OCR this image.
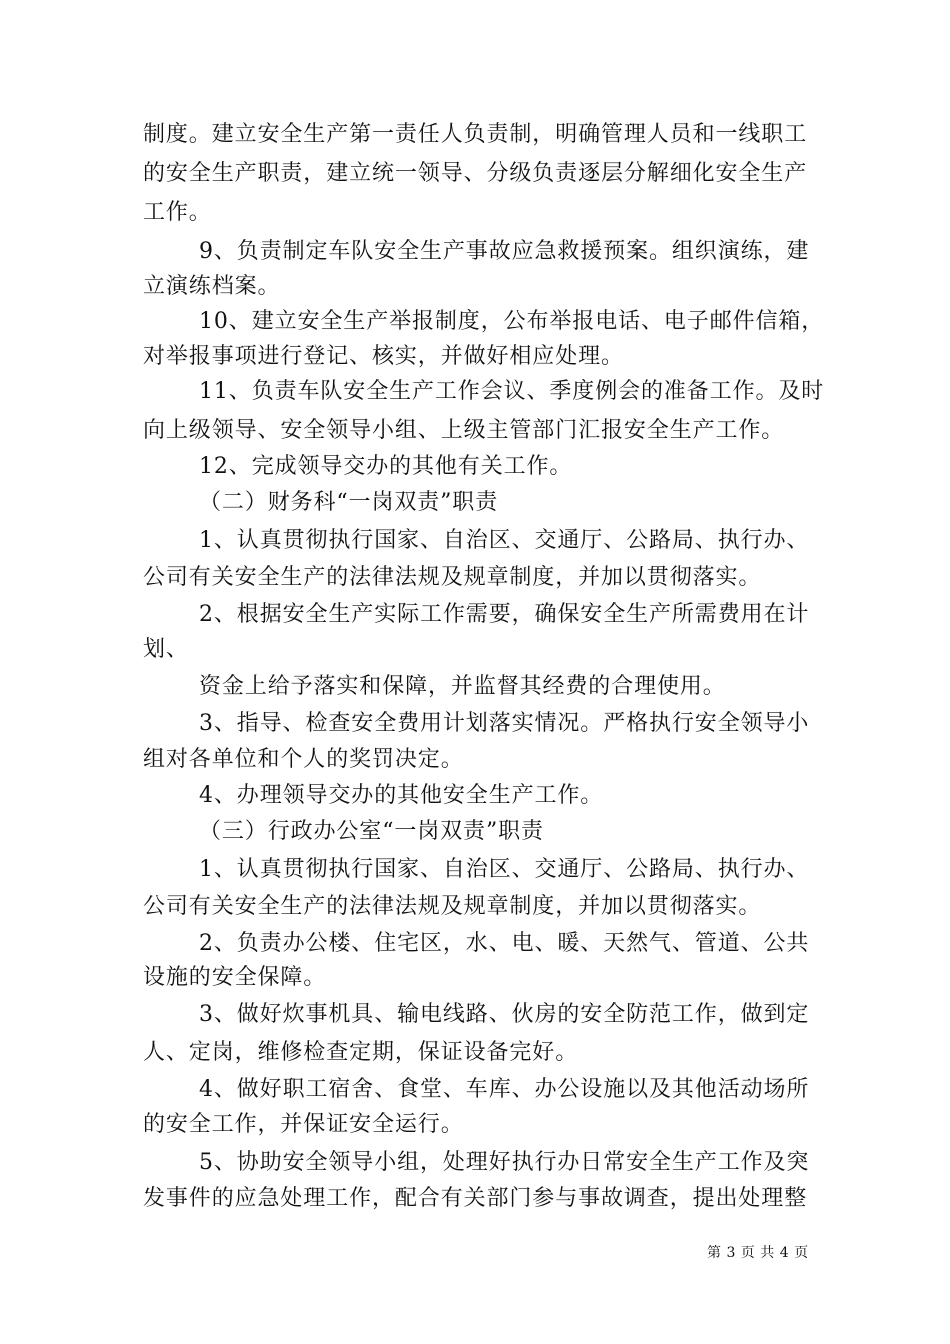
制度。建立安全生产第一责任人负责制，明确管理人员和一线职工
的安全生产职责，建立统一领导、分级负责逐层分解细化安全生产
工作。
9、负责制定车队安全生产事故应急救援预案。组织演练，建
立演练档案。
10、建立安全生产举报制度，公布举报电话、电子邮件信箱，
对举报事项进行登记、核实，并做好相应处理。
11、负责车队安全生产工作会议、季度例会的准备工作。及时
向上级领导、安全领导小组、上级主管部门汇报安全生产工作。
12、完成领导交办的其他有关工作。
（二）财务科“一岗双责”职责
1、认真贯彻执行国家、自治区、交通厅、公路局、执行办、
公司有关安全生产的法律法规及规章制度，并加以贯彻落实。
2、根据安全生产实际工作需要，确保安全生产所需费用在计
划、
资金上给予落实和保障，并监督其经费的合理使用。
3、指导、检查安全费用计划落实情况。严格执行安全领导小
组对各单位和个人的奖罚决定。
4、办理领导交办的其他安全生产工作。
（三）行政办公室“一岗双责”职责
1、认真贯彻执行国家、自治区、交通厅、公路局、执行办、
公司有关安全生产的法律法规及规章制度，并加以贯彻落实。
2、负责办公楼、住宅区，水、电、暖、天然气、管道、公共
设施的安全保障。
3、做好炊事机具、输电线路、伙房的安全防范工作，做到定
人、定岗，维修检查定期，保证设备完好。
4、做好职工宿舍、食堂、车库、办公设施以及其他活动场所
的安全工作，并保证安全运行。
5、协助安全领导小组，处理好执行办日常安全生产工作及突
发事件的应急处理工作，配合有关部门参与事故调查，提出处理整
第 3 页 共 4 页
